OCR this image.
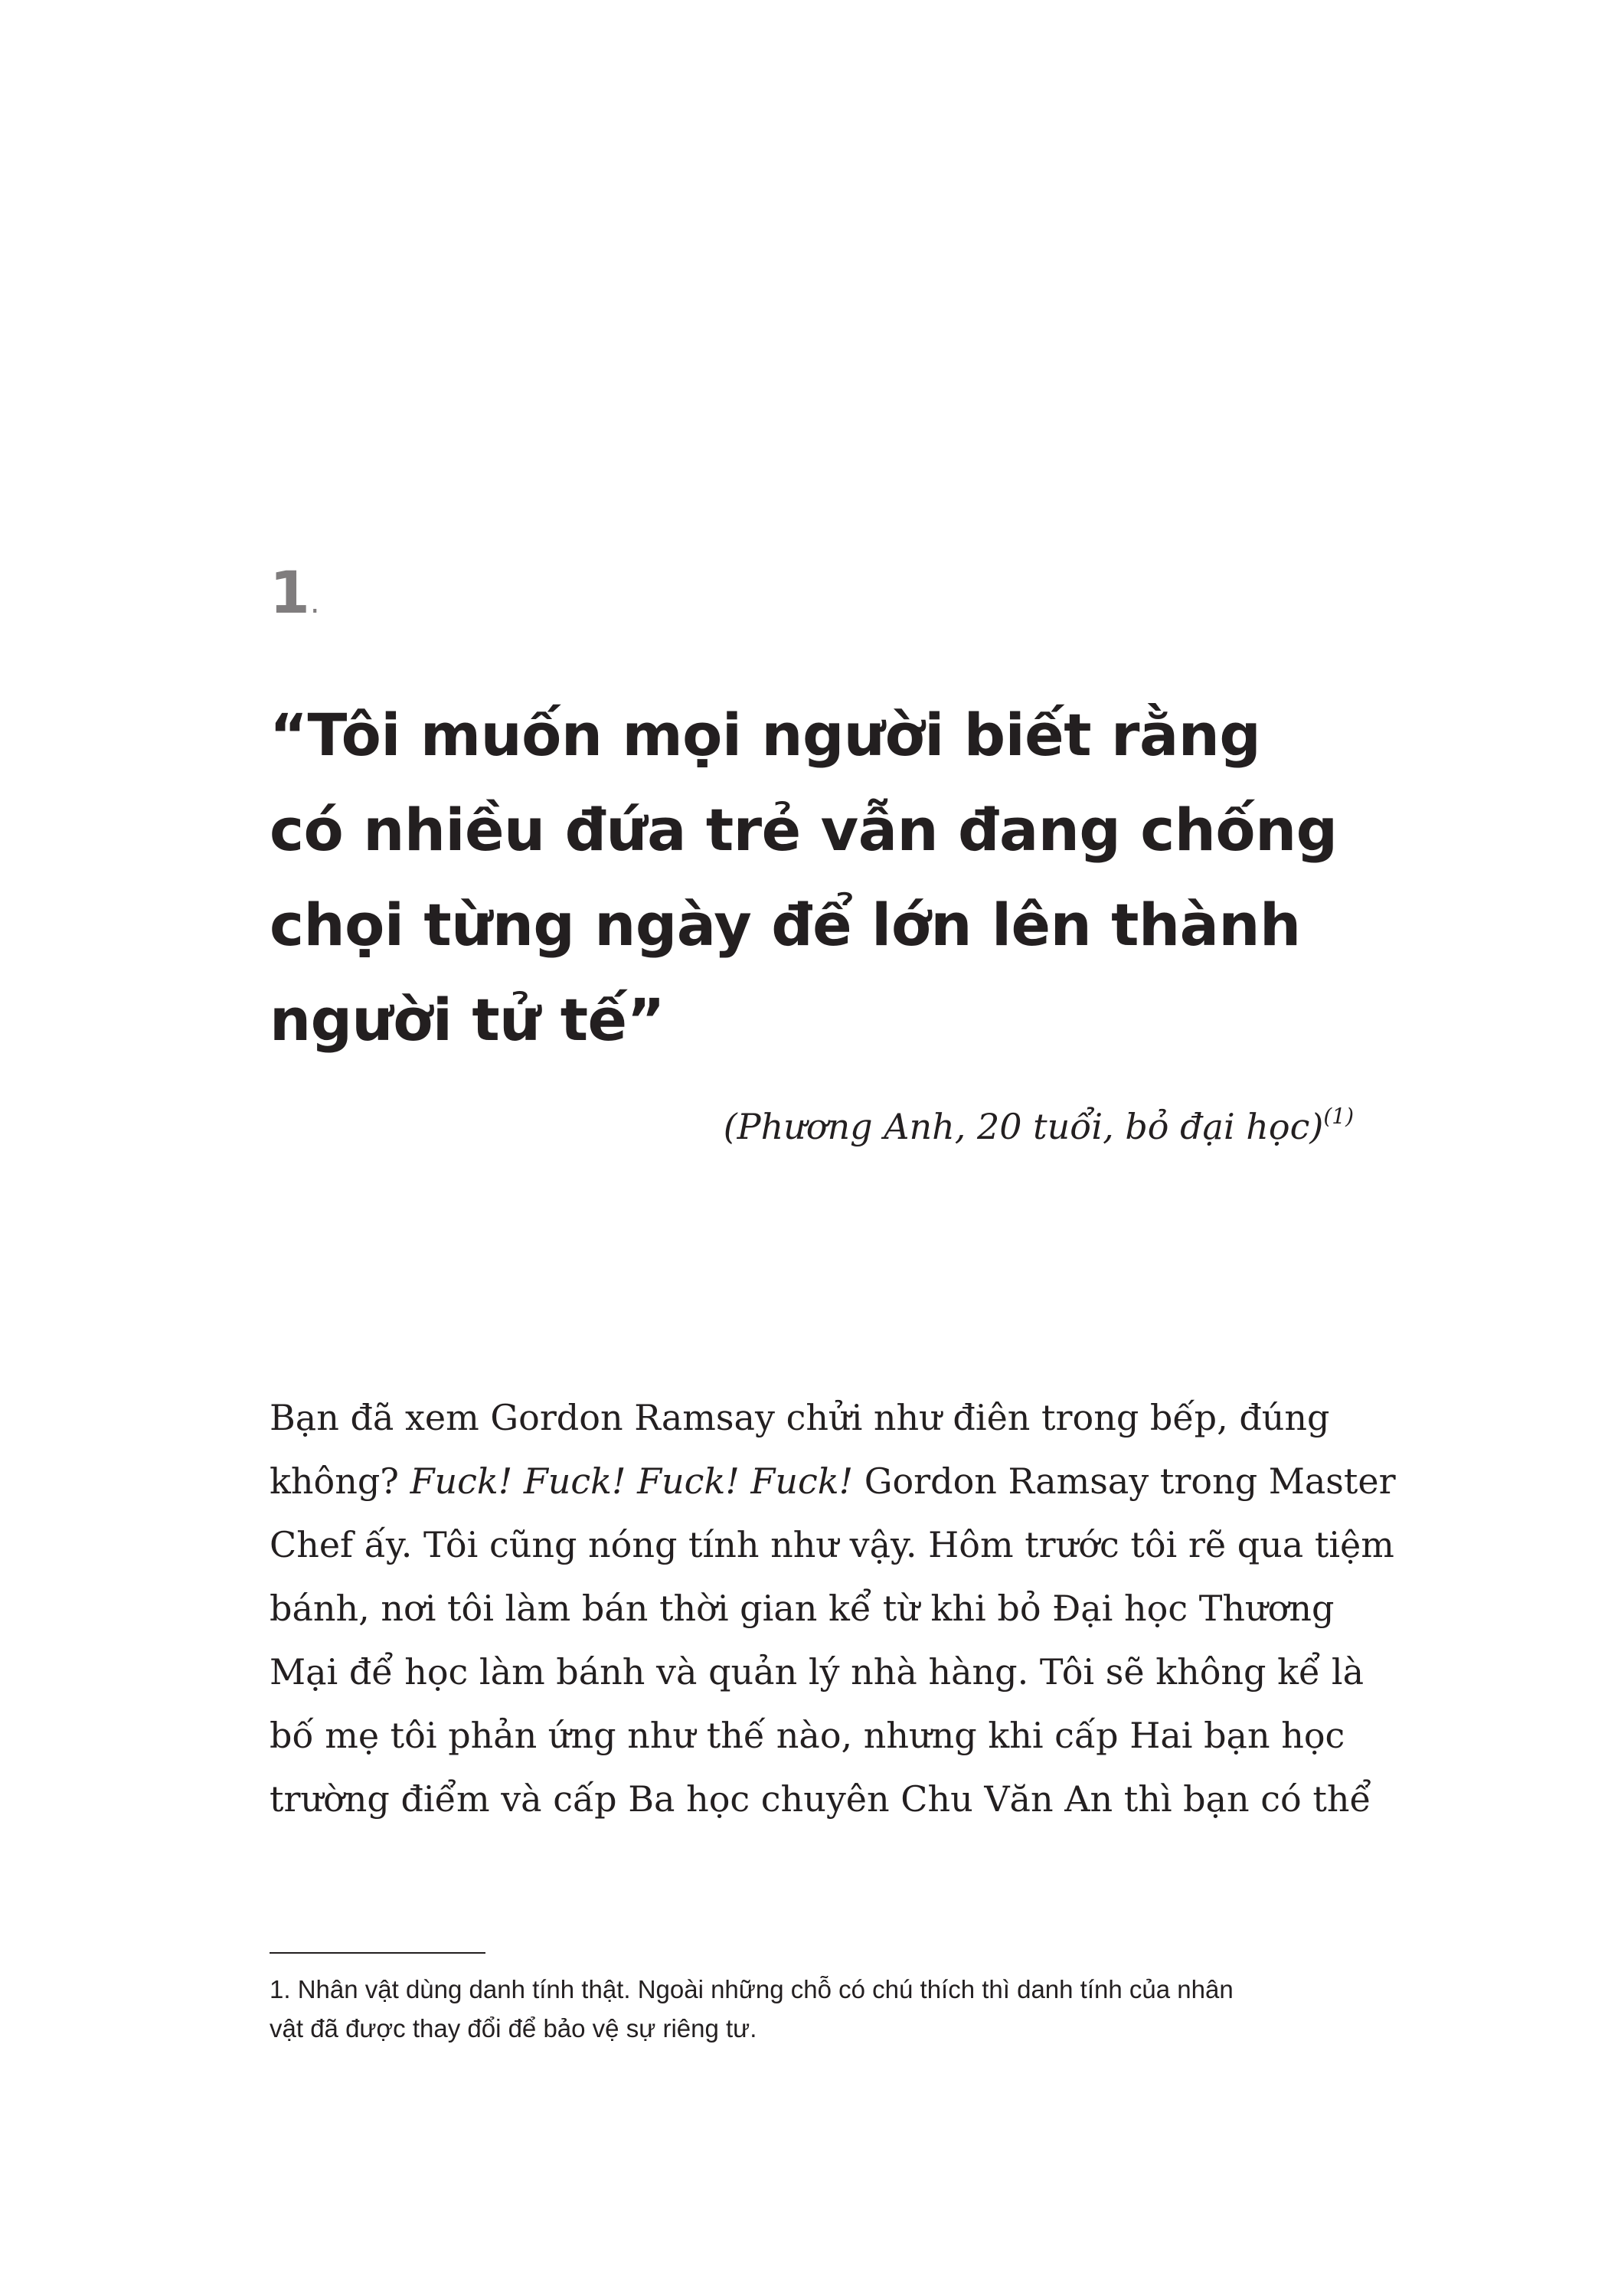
1.
“Tôi muốn mọi người biết rằng
có nhiều đứa trẻ vẫn đang chống
chọi từng ngày để lớn lên thành
người tử tế”
(Phương Anh, 20 tuổi, bỏ đại học)$^{(1)}$

Bạn đã xem Gordon Ramsay chửi như điên trong bếp, đúng
không? Fuck! Fuck! Fuck! Fuck! Gordon Ramsay trong Master
Chef ấy. Tôi cũng nóng tính như vậy. Hôm trước tôi rẽ qua tiệm
bánh, nơi tôi làm bán thời gian kể từ khi bỏ Đại học Thương
Mại để học làm bánh và quản lý nhà hàng. Tôi sẽ không kể là
bố mẹ tôi phản ứng như thế nào, nhưng khi cấp Hai bạn học
trường điểm và cấp Ba học chuyên Chu Văn An thì bạn có thể

1. Nhân vật dùng danh tính thật. Ngoài những chỗ có chú thích thì danh tính của nhân
vật đã được thay đổi để bảo vệ sự riêng tư.
